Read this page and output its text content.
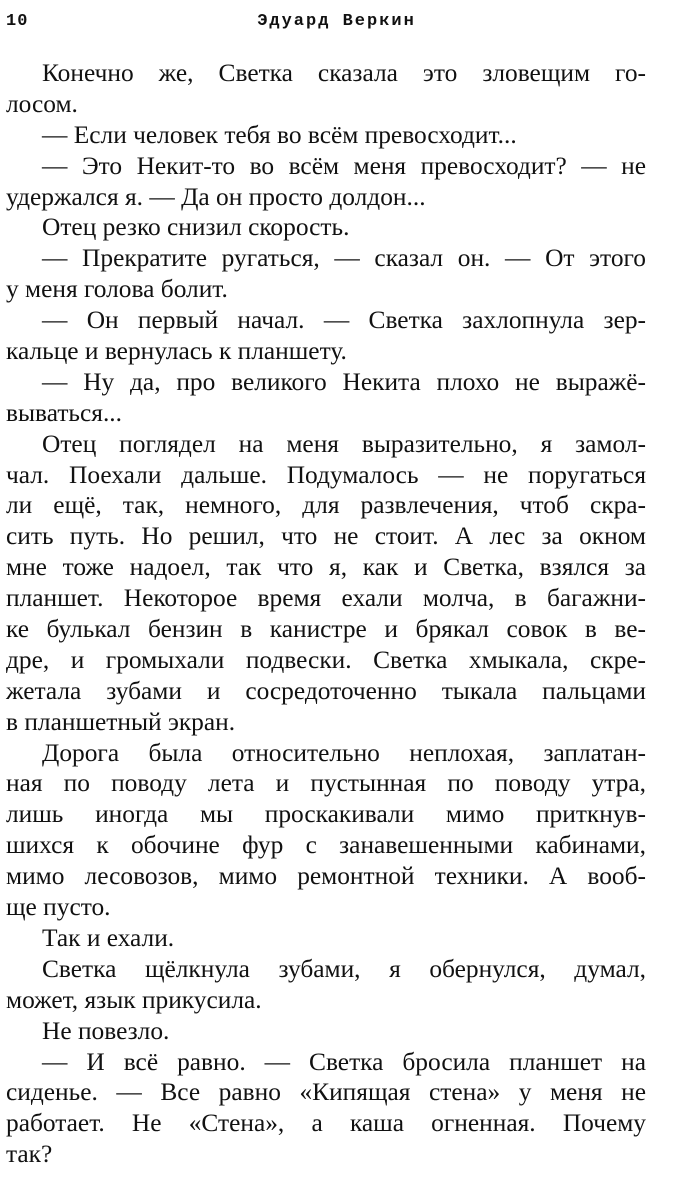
10	Эдуард Веркин
Конечно же, Светка сказала это зловещим го-
лосом.
— Если человек тебя во всём превосходит...
— Это Некит-то во всём меня превосходит? — не
удержался я. — Да он просто долдон...
Отец резко снизил скорость.
— Прекратите ругаться, — сказал он. — От этого
у меня голова болит.
— Он первый начал. — Светка захлопнула зер-
кальце и вернулась к планшету.
— Ну да, про великого Некита плохо не выражё-
вываться...
Отец поглядел на меня выразительно, я замол-
чал. Поехали дальше. Подумалось — не поругаться
ли ещё, так, немного, для развлечения, чтоб скра-
сить путь. Но решил, что не стоит. А лес за окном
мне тоже надоел, так что я, как и Светка, взялся за
планшет. Некоторое время ехали молча, в багажни-
ке булькал бензин в канистре и брякал совок в ве-
дре, и громыхали подвески. Светка хмыкала, скре-
жетала зубами и сосредоточенно тыкала пальцами
в планшетный экран.
Дорога была относительно неплохая, заплатан-
ная по поводу лета и пустынная по поводу утра,
лишь иногда мы проскакивали мимо приткнув-
шихся к обочине фур с занавешенными кабинами,
мимо лесовозов, мимо ремонтной техники. А вооб-
ще пусто.
Так и ехали.
Светка щёлкнула зубами, я обернулся, думал,
может, язык прикусила.
Не повезло.
— И всё равно. — Светка бросила планшет на
сиденье. — Все равно «Кипящая стена» у меня не
работает. Не «Стена», а каша огненная. Почему
так?
